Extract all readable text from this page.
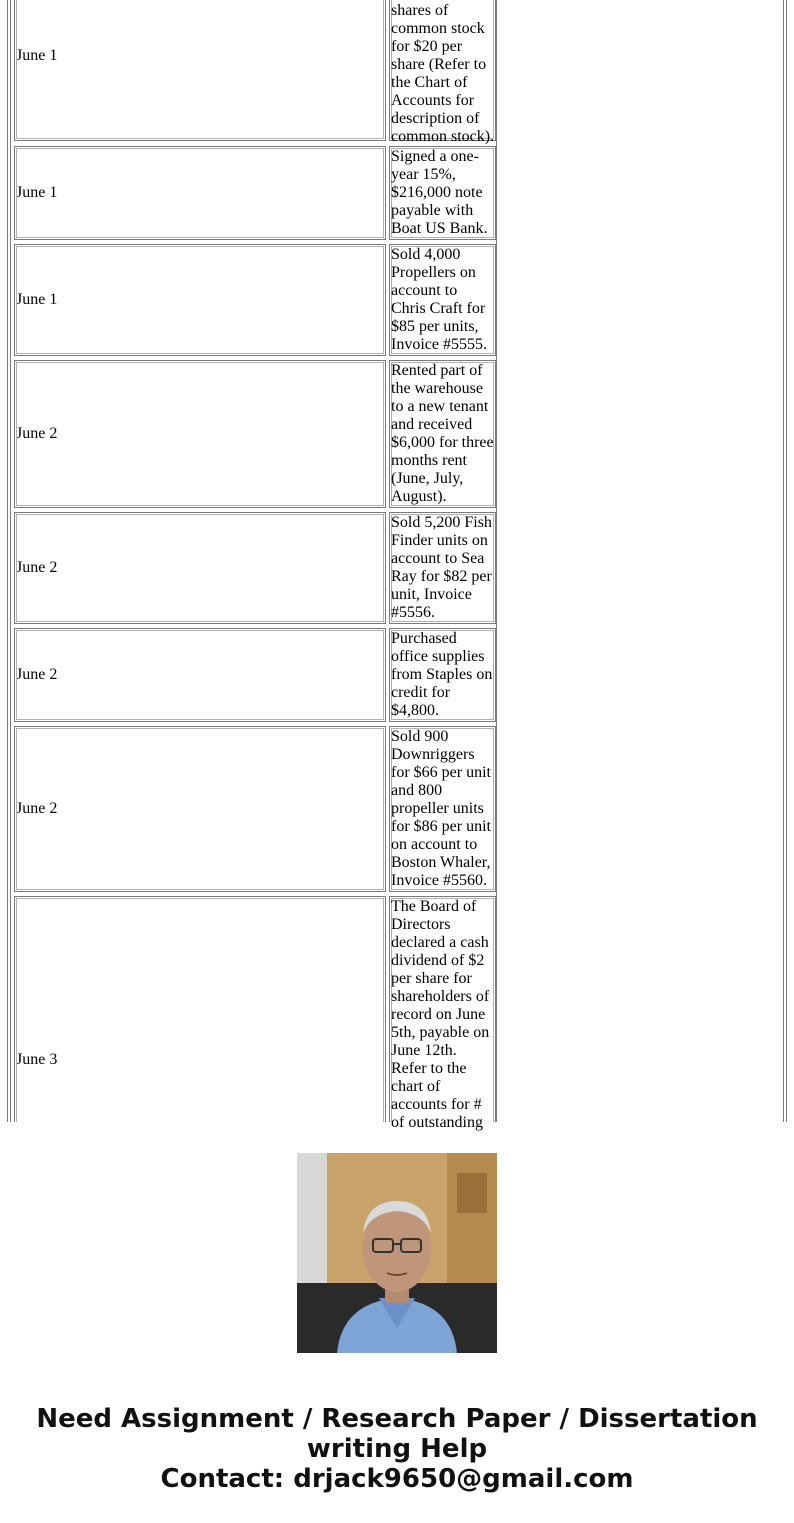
June 1
shares of common stock for $20 per share (Refer to the Chart of Accounts for description of common stock).
June 1
Signed a one-year 15%, $216,000 note payable with Boat US Bank.
June 1
Sold 4,000 Propellers on account to Chris Craft for $85 per units, Invoice #5555.
June 2
Rented part of the warehouse to a new tenant and received $6,000 for three months rent (June, July, August).
June 2
Sold 5,200 Fish Finder units on account to Sea Ray for $82 per unit, Invoice #5556.
June 2
Purchased office supplies from Staples on credit for $4,800.
June 2
Sold 900 Downriggers for $66 per unit and 800 propeller units for $86 per unit on account to Boston Whaler, Invoice #5560.
June 3
The Board of Directors declared a cash dividend of $2 per share for shareholders of record on June 5th, payable on June 12th. Refer to the chart of accounts for # of outstanding
Need Assignment / Research Paper / Dissertation
writing Help
Contact: drjack9650@gmail.com
